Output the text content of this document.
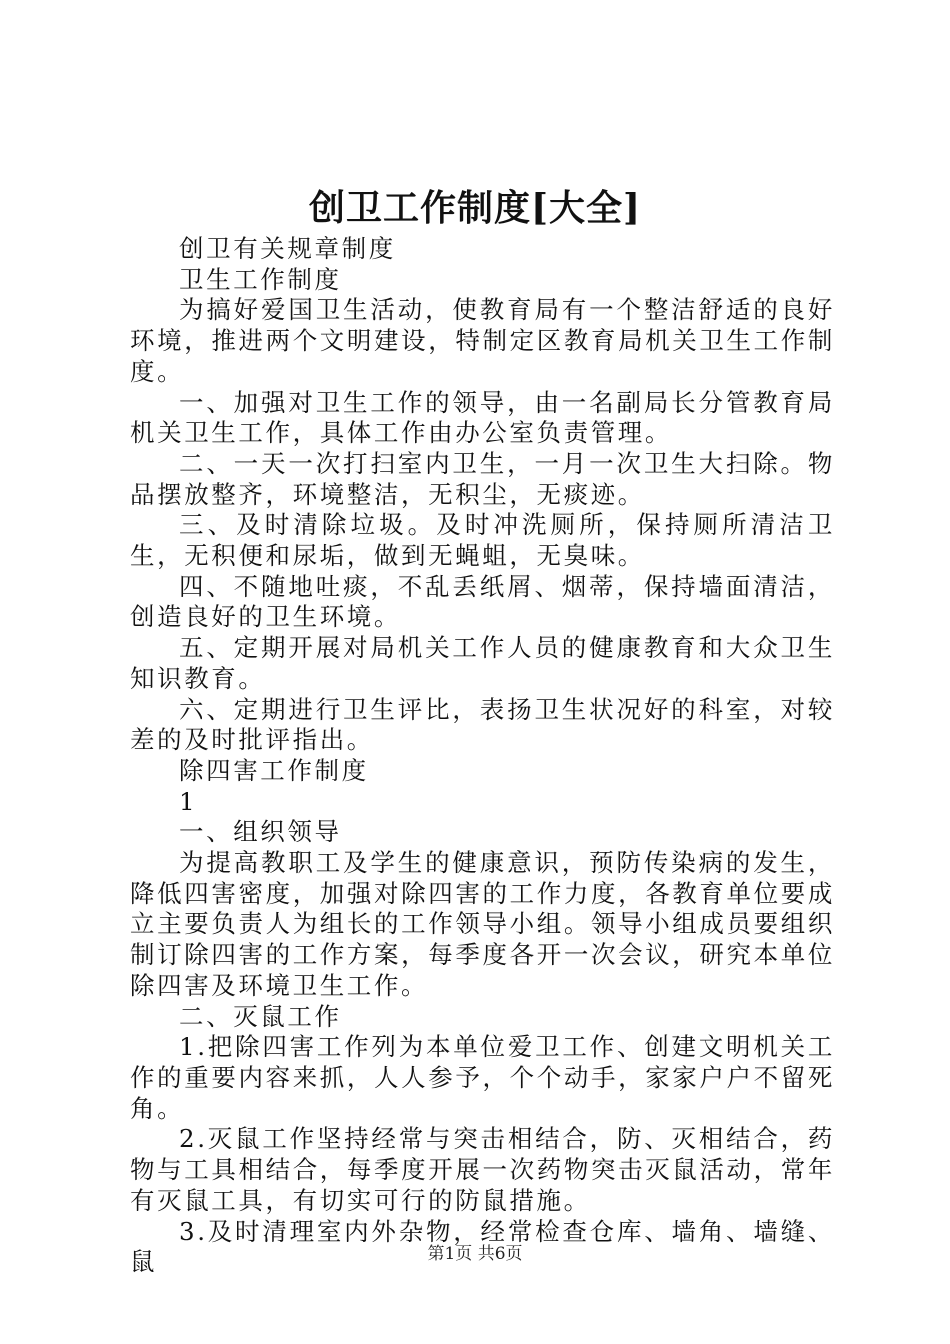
创卫工作制度[大全]

创卫有关规章制度

卫生工作制度

为搞好爱国卫生活动，使教育局有一个整洁舒适的良好环境，推进两个文明建设，特制定区教育局机关卫生工作制度。

一、加强对卫生工作的领导，由一名副局长分管教育局机关卫生工作，具体工作由办公室负责管理。

二、一天一次打扫室内卫生，一月一次卫生大扫除。物品摆放整齐，环境整洁，无积尘，无痰迹。

三、及时清除垃圾。及时冲洗厕所，保持厕所清洁卫生，无积便和尿垢，做到无蝇蛆，无臭味。

四、不随地吐痰，不乱丢纸屑、烟蒂，保持墙面清洁，创造良好的卫生环境。

五、定期开展对局机关工作人员的健康教育和大众卫生知识教育。

六、定期进行卫生评比，表扬卫生状况好的科室，对较差的及时批评指出。

除四害工作制度

1

一、组织领导

为提高教职工及学生的健康意识，预防传染病的发生，降低四害密度，加强对除四害的工作力度，各教育单位要成立主要负责人为组长的工作领导小组。领导小组成员要组织制订除四害的工作方案，每季度各开一次会议，研究本单位除四害及环境卫生工作。

二、灭鼠工作

1.把除四害工作列为本单位爱卫工作、创建文明机关工作的重要内容来抓，人人参予，个个动手，家家户户不留死角。

2.灭鼠工作坚持经常与突击相结合，防、灭相结合，药物与工具相结合，每季度开展一次药物突击灭鼠活动，常年有灭鼠工具，有切实可行的防鼠措施。

3.及时清理室内外杂物，经常检查仓库、墙角、墙缝、鼠	第1页 共6页
